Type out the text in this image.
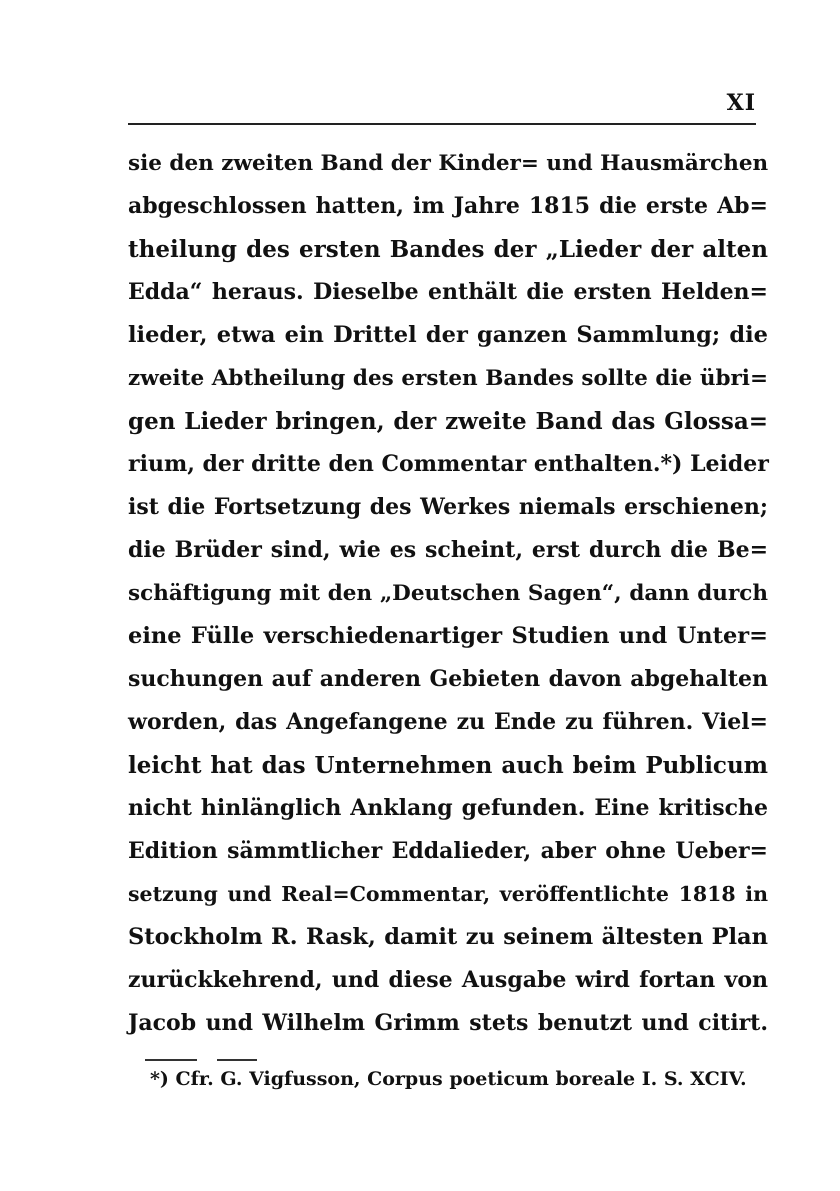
XI
sie den zweiten Band der Kinder= und Hausmärchen
abgeschlossen hatten, im Jahre 1815 die erste Ab=
theilung des ersten Bandes der „Lieder der alten
Edda“ heraus. Dieselbe enthält die ersten Helden=
lieder, etwa ein Drittel der ganzen Sammlung; die
zweite Abtheilung des ersten Bandes sollte die übri=
gen Lieder bringen, der zweite Band das Glossa=
rium, der dritte den Commentar enthalten.*) Leider
ist die Fortsetzung des Werkes niemals erschienen;
die Brüder sind, wie es scheint, erst durch die Be=
schäftigung mit den „Deutschen Sagen“, dann durch
eine Fülle verschiedenartiger Studien und Unter=
suchungen auf anderen Gebieten davon abgehalten
worden, das Angefangene zu Ende zu führen. Viel=
leicht hat das Unternehmen auch beim Publicum
nicht hinlänglich Anklang gefunden. Eine kritische
Edition sämmtlicher Eddalieder, aber ohne Ueber=
setzung und Real=Commentar, veröffentlichte 1818 in
Stockholm R. Rask, damit zu seinem ältesten Plan
zurückkehrend, und diese Ausgabe wird fortan von
Jacob und Wilhelm Grimm stets benutzt und citirt.
*) Cfr. G. Vigfusson, Corpus poeticum boreale I. S. XCIV.
